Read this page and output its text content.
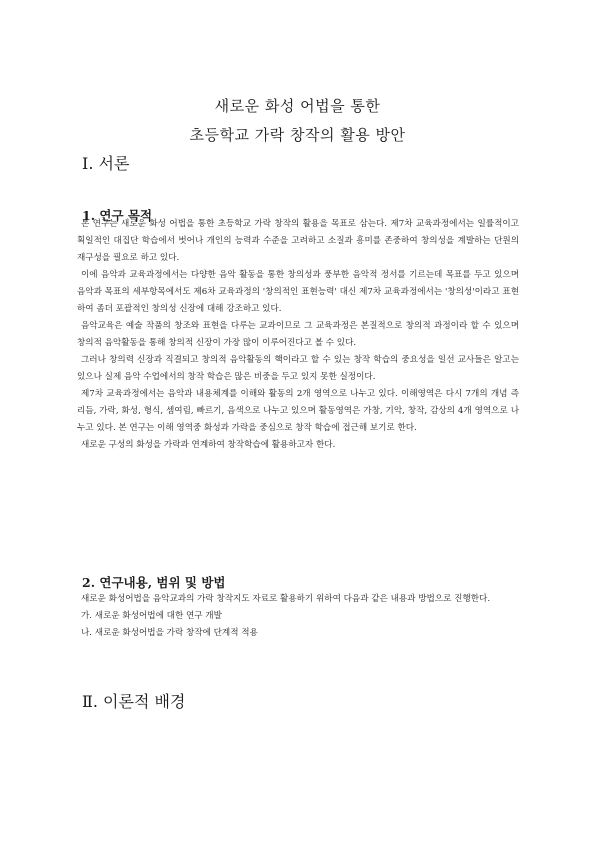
새로운 화성 어법을 통한
초등학교 가락 창작의 활용 방안
Ⅰ. 서론
1. 연구 목적

본 연구는 새로운 화성 어법을 통한 초등학교 가락 창작의 활용을 목표로 삼는다. 제7차 교육과정에서는 일률적이고 획일적인 대집단 학습에서 벗어나 개인의 능력과 수준을 고려하고 소질과 흥미를 존중하여 창의성을 계발하는 단원의 재구성을 필요로 하고 있다.

이에 음악과 교육과정에서는 다양한 음악 활동을 통한 창의성과 풍부한 음악적 정서를 기르는데 목표를 두고 있으며 음악과 목표의 세부항목에서도 제6차 교육과정의 '창의적인 표현능력' 대신 제7차 교육과정에서는 '창의성'이라고 표현하여 좀더 포괄적인 창의성 신장에 대해 강조하고 있다.

음악교육은 예술 작품의 창조와 표현을 다루는 교과이므로 그 교육과정은 본질적으로 창의적 과정이라 할 수 있으며 창의적 음악활동을 통해 창의적 신장이 가장 많이 이루어진다고 볼 수 있다.

그러나 창의력 신장과 직결되고 창의적 음악활동의 핵이라고 할 수 있는 창작 학습의 중요성을 일선 교사들은 알고는 있으나 실제 음악 수업에서의 창작 학습은 많은 비중을 두고 있지 못한 실정이다.

제7차 교육과정에서는 음악과 내용체계를 이해와 활동의 2개 영역으로 나누고 있다. 이해영역은 다시 7개의 개념 즉 리듬, 가락, 화성, 형식, 셈여림, 빠르기, 음색으로 나누고 있으며 활동영역은 가창, 기악, 창작, 감상의 4개 영역으로 나누고 있다. 본 연구는 이해 영역중 화성과 가락을 중심으로 창작 학습에 접근해 보기로 한다.

새로운 구성의 화성을 가락과 연계하여 창작학습에 활용하고자 한다.

2. 연구내용, 범위 및 방법

새로운 화성어법을 음악교과의 가락 창작지도 자료로 활용하기 위하여 다음과 같은 내용과 방법으로 진행한다.

가. 새로운 화성어법에 대한 연구 개발

나. 새로운 화성어법을 가락 창작에 단계적 적용

Ⅱ. 이론적 배경
